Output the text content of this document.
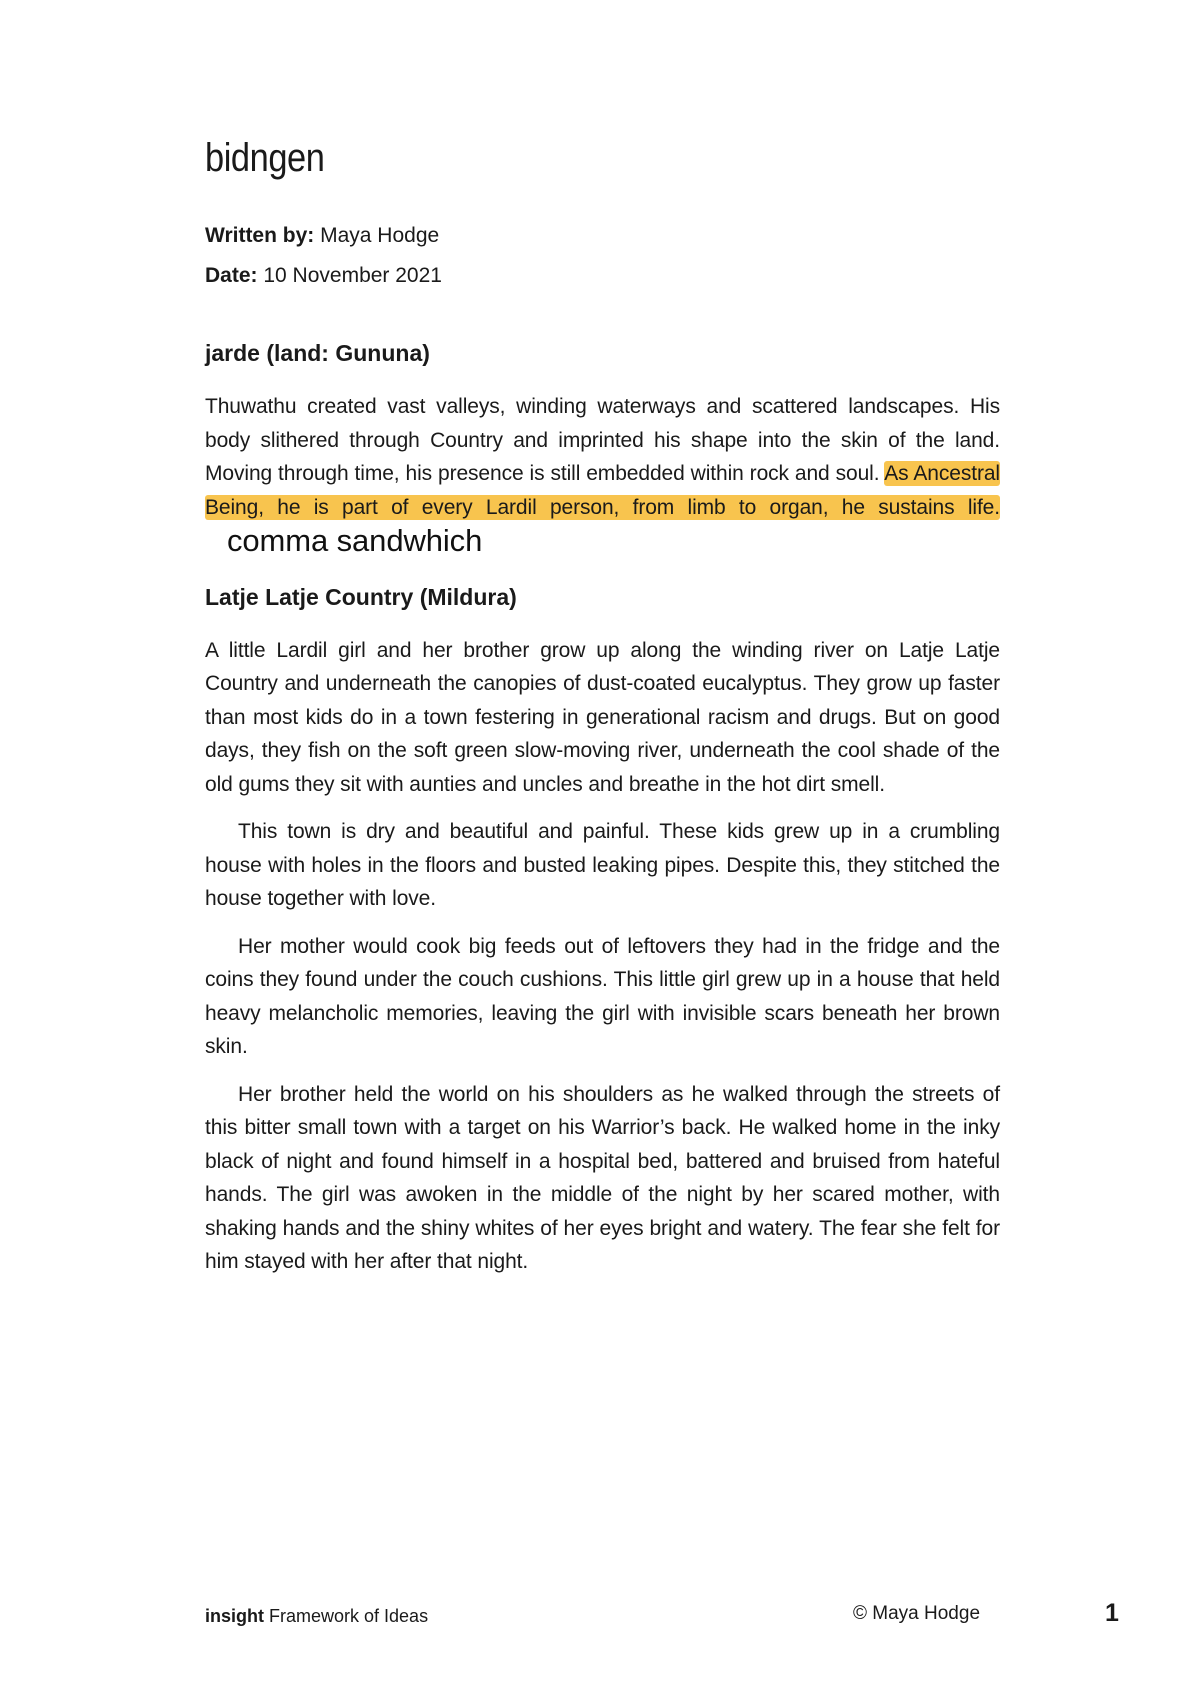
bidngen

Written by: Maya Hodge

Date: 10 November 2021

jarde (land: Gununa)

Thuwathu created vast valleys, winding waterways and scattered landscapes. His body slithered through Country and imprinted his shape into the skin of the land. Moving through time, his presence is still embedded within rock and soul. As Ancestral Being, he is part of every Lardil person, from limb to organ, he sustains life.comma sandwhich

Latje Latje Country (Mildura)

A little Lardil girl and her brother grow up along the winding river on Latje Latje Country and underneath the canopies of dust-coated eucalyptus. They grow up faster than most kids do in a town festering in generational racism and drugs. But on good days, they fish on the soft green slow-moving river, underneath the cool shade of the old gums they sit with aunties and uncles and breathe in the hot dirt smell.

This town is dry and beautiful and painful. These kids grew up in a crumbling house with holes in the floors and busted leaking pipes. Despite this, they stitched the house together with love.

Her mother would cook big feeds out of leftovers they had in the fridge and the coins they found under the couch cushions. This little girl grew up in a house that held heavy melancholic memories, leaving the girl with invisible scars beneath her brown skin.

Her brother held the world on his shoulders as he walked through the streets of this bitter small town with a target on his Warrior’s back. He walked home in the inky black of night and found himself in a hospital bed, battered and bruised from hateful hands. The girl was awoken in the middle of the night by her scared mother, with shaking hands and the shiny whites of her eyes bright and watery. The fear she felt for him stayed with her after that night.

insight Framework of Ideas	© Maya Hodge	1
